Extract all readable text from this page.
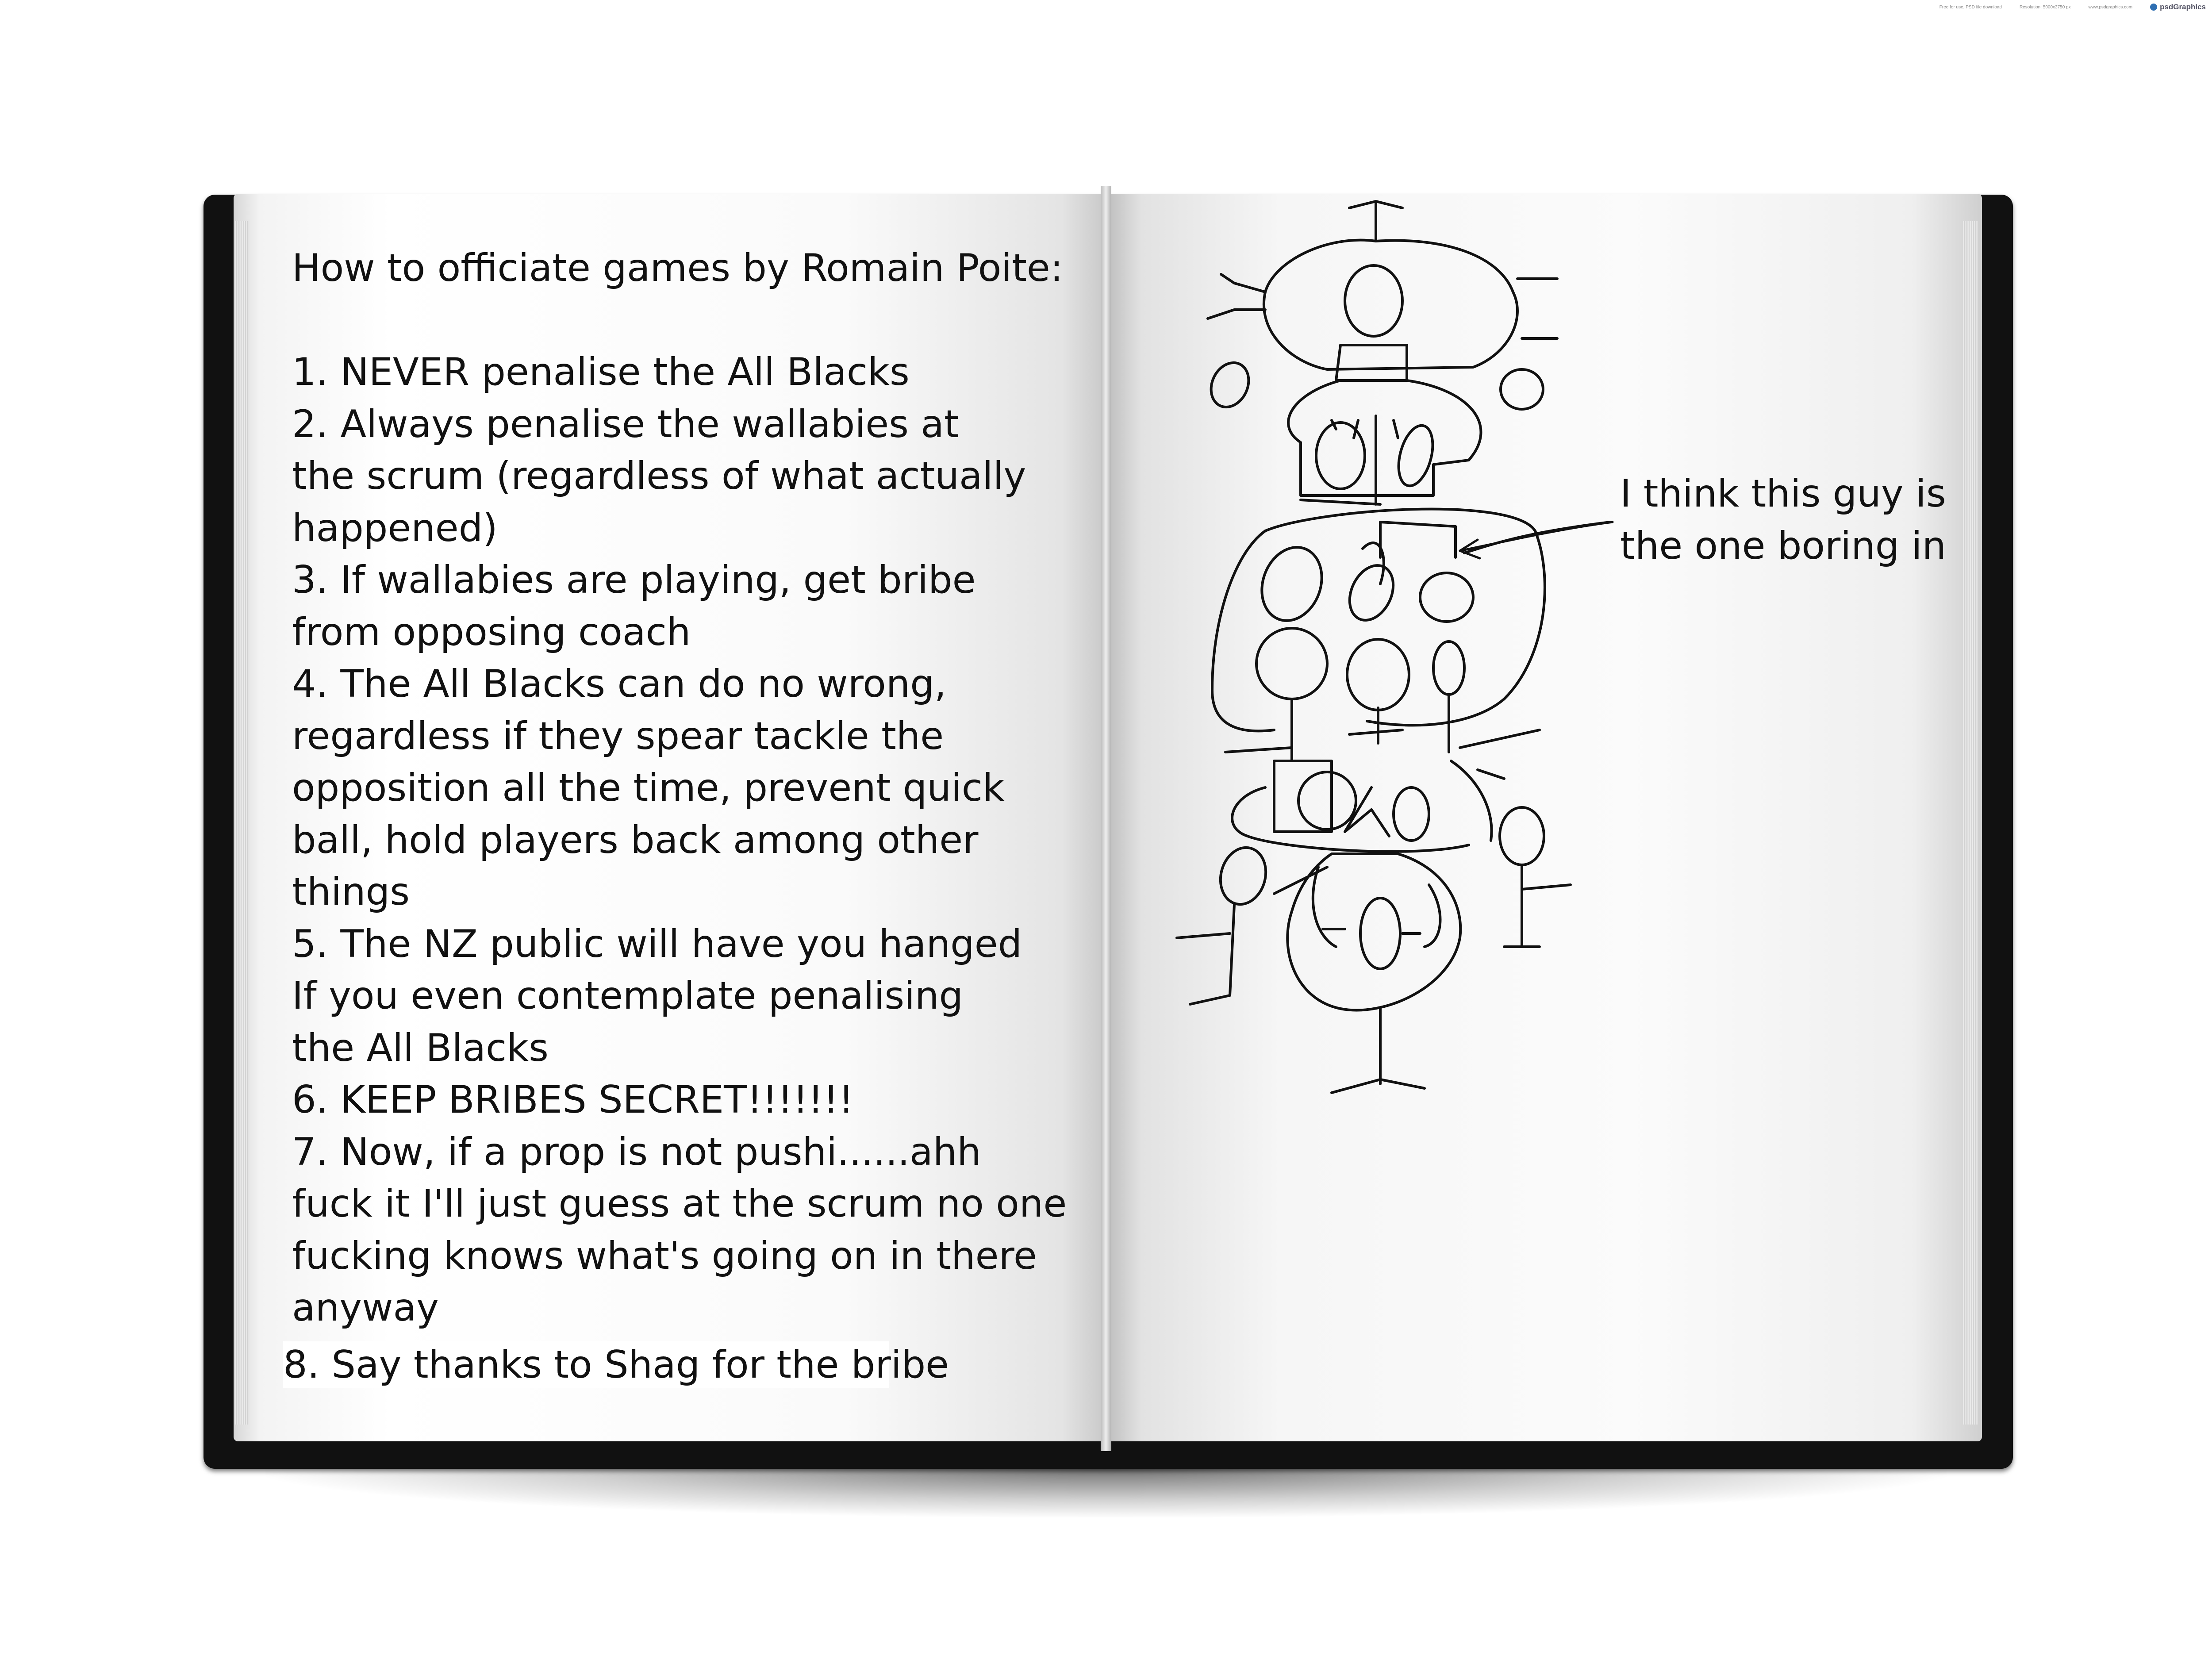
Free for use, PSD file download	Resolution: 5000x3750 px	www.psdgraphics.com	psdGraphics

How to officiate games by Romain Poite:

1. NEVER penalise the All Blacks

2. Always penalise the wallabies at

the scrum (regardless of what actually

happened)

3. If wallabies are playing, get bribe

from opposing coach

4. The All Blacks can do no wrong,

regardless if they spear tackle the

opposition all the time, prevent quick

ball, hold players back among other

things

5. The NZ public will have you hanged

If you even contemplate penalising

the All Blacks

6. KEEP BRIBES SECRET!!!!!!!

7. Now, if a prop is not pushi......ahh

fuck it I'll just guess at the scrum no one

fucking knows what's going on in there

anyway

8. Say thanks to Shag for the bribe

I think this guy is

the one boring in
